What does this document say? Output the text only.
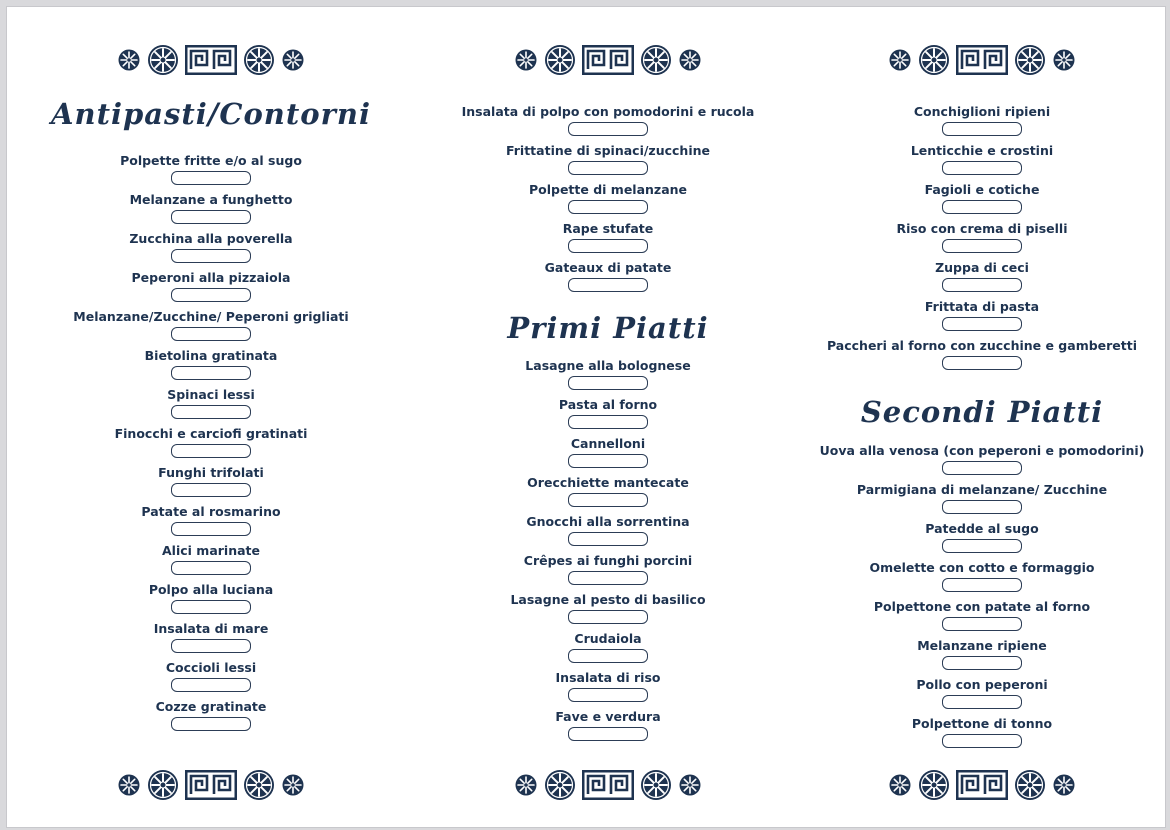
Antipasti/Contorni
Polpette fritte e/o al sugo
Melanzane a funghetto
Zucchina alla poverella
Peperoni alla pizzaiola
Melanzane/Zucchine/ Peperoni grigliati
Bietolina gratinata
Spinaci lessi
Finocchi e carciofi gratinati
Funghi trifolati
Patate al rosmarino
Alici marinate
Polpo alla luciana
Insalata di mare
Coccioli lessi
Cozze gratinate
Insalata di polpo con pomodorini e rucola
Frittatine di spinaci/zucchine
Polpette di melanzane
Rape stufate
Gateaux di patate
Primi Piatti
Lasagne alla bolognese
Pasta al forno
Cannelloni
Orecchiette mantecate
Gnocchi alla sorrentina
Crêpes ai funghi porcini
Lasagne al pesto di basilico
Crudaiola
Insalata di riso
Fave e verdura
Conchiglioni ripieni
Lenticchie e crostini
Fagioli e cotiche
Riso con crema di piselli
Zuppa di ceci
Frittata di pasta
Paccheri al forno con zucchine e gamberetti
Secondi Piatti
Uova alla venosa (con peperoni e pomodorini)
Parmigiana di melanzane/ Zucchine
Patedde al sugo
Omelette con cotto e formaggio
Polpettone con patate al forno
Melanzane ripiene
Pollo con peperoni
Polpettone di tonno
